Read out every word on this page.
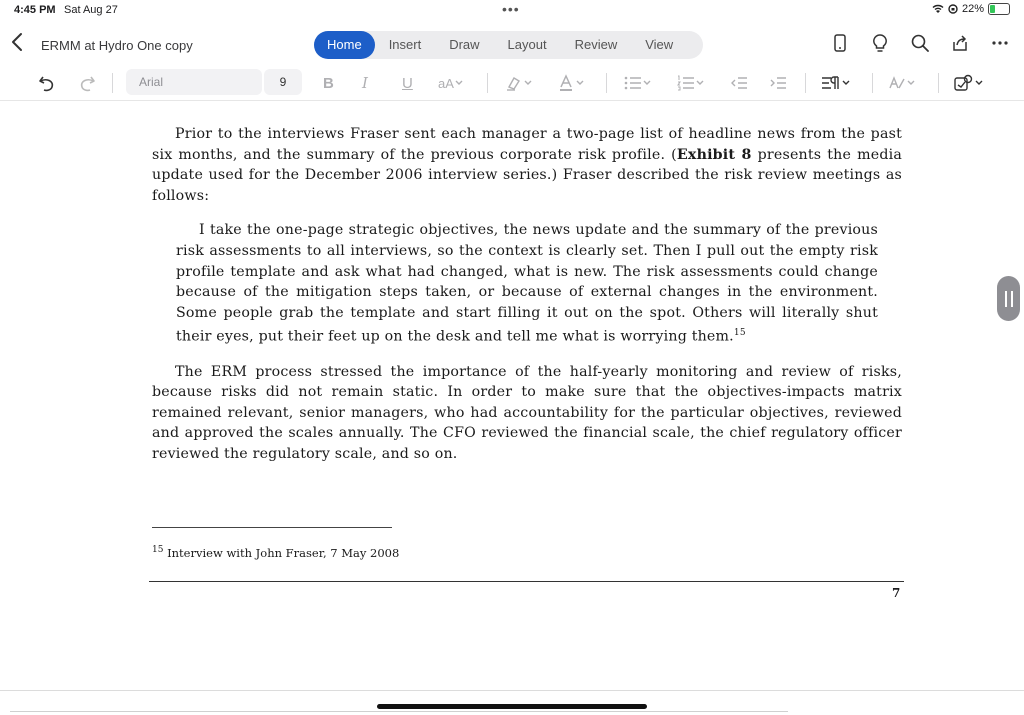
4:45 PM Sat Aug 27	•••	22%
ERMM at Hydro One copy	Home	Insert	Draw	Layout	Review	View
Arial	9	B I U aA

Prior to the interviews Fraser sent each manager a two-page list of headline news from the past six months, and the summary of the previous corporate risk profile. (Exhibit 8 presents the media update used for the December 2006 interview series.) Fraser described the risk review meetings as follows:

I take the one-page strategic objectives, the news update and the summary of the previous risk assessments to all interviews, so the context is clearly set. Then I pull out the empty risk profile template and ask what had changed, what is new. The risk assessments could change because of the mitigation steps taken, or because of external changes in the environment. Some people grab the template and start filling it out on the spot. Others will literally shut their eyes, put their feet up on the desk and tell me what is worrying them.$^{15}$

The ERM process stressed the importance of the half-yearly monitoring and review of risks, because risks did not remain static. In order to make sure that the objectives-impacts matrix remained relevant, senior managers, who had accountability for the particular objectives, reviewed and approved the scales annually. The CFO reviewed the financial scale, the chief regulatory officer reviewed the regulatory scale, and so on.

$^{15}$ Interview with John Fraser, 7 May 2008
7
